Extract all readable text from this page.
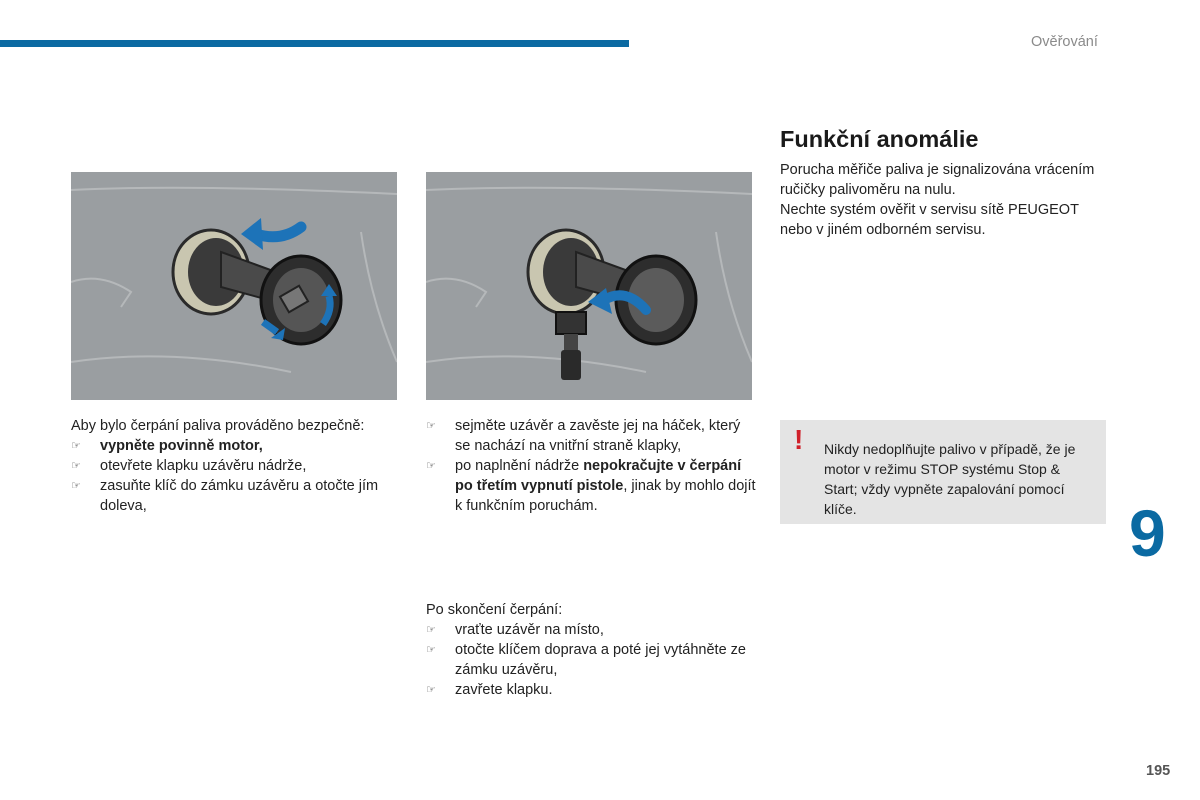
Ověřování

Aby bylo čerpání paliva prováděno bezpečně:

☞ vypněte povinně motor,
☞ otevřete klapku uzávěru nádrže,
☞ zasuňte klíč do zámku uzávěru a otočte jím doleva,
☞ sejměte uzávěr a zavěste jej na háček, který se nachází na vnitřní straně klapky,
☞ po naplnění nádrže nepokračujte v čerpání po třetím vypnutí pistole, jinak by mohlo dojít k funkčním poruchám.

Po skončení čerpání:

☞ vraťte uzávěr na místo,
☞ otočte klíčem doprava a poté jej vytáhněte ze zámku uzávěru,
☞ zavřete klapku.
Funkční anomálie

Porucha měřiče paliva je signalizována vrácením ručičky palivoměru na nulu.

Nechte systém ověřit v servisu sítě PEUGEOT nebo v jiném odborném servisu.

! Nikdy nedoplňujte palivo v případě, že je motor v režimu STOP systému Stop & Start; vždy vypněte zapalování pomocí klíče.	9
195
